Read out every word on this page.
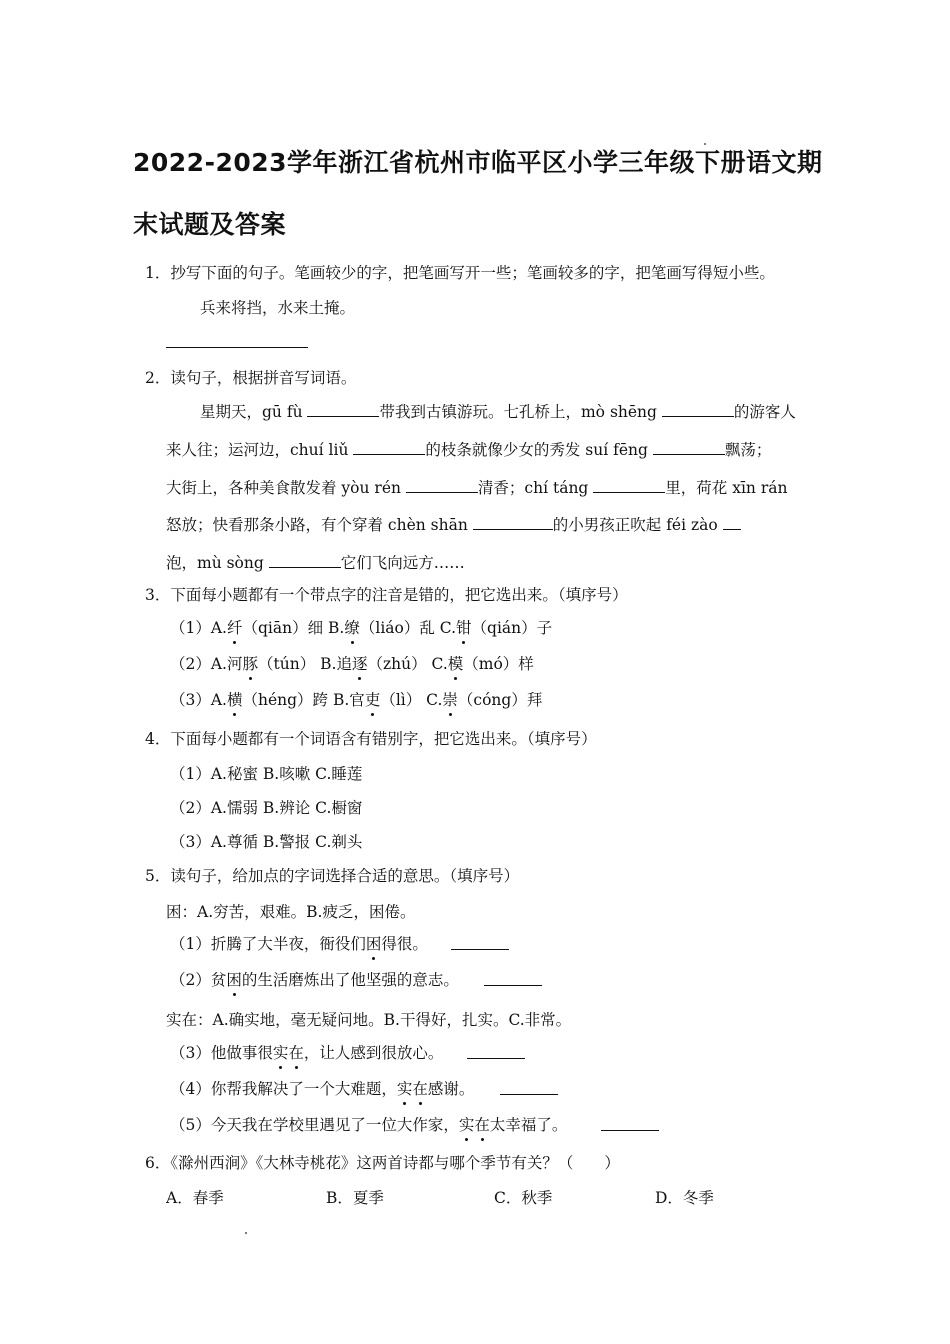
2022-2023学年浙江省杭州市临平区小学三年级下册语文期
末试题及答案
1．抄写下面的句子。笔画较少的字，把笔画写开一些；笔画较多的字，把笔画写得短小些。
兵来将挡，水来土掩。
2．读句子，根据拼音写词语。
星期天，gū fù	带我到古镇游玩。七孔桥上，mò shēng	的游客人
来人往；运河边，chuí liǔ	的枝条就像少女的秀发 suí fēng	飘荡；
大街上，各种美食散发着 yòu rén	清香；chí táng	里，荷花 xīn rán
怒放；快看那条小路，有个穿着 chèn shān	的小男孩正吹起 féi zào
泡，mù sòng	它们飞向远方……
3．下面每小题都有一个带点字的注音是错的，把它选出来。（填序号）
（1）A.纤（qiān）细 B.缭（liáo）乱 C.钳（qián）子
（2）A.河豚（tún） B.追逐（zhú） C.模（mó）样
（3）A.横（héng）跨 B.官吏（lì） C.崇（cóng）拜
4．下面每小题都有一个词语含有错别字，把它选出来。（填序号）
（1）A.秘蜜 B.咳嗽 C.睡莲
（2）A.懦弱 B.辨论 C.橱窗
（3）A.尊循 B.警报 C.剃头
5．读句子，给加点的字词选择合适的意思。（填序号）
困：A.穷苦，艰难。B.疲乏，困倦。
（1）折腾了大半夜，衙役们困得很。
（2）贫困的生活磨炼出了他坚强的意志。
实在：A.确实地，毫无疑问地。B.干得好，扎实。C.非常。
（3）他做事很实在，让人感到很放心。
（4）你帮我解决了一个大难题，实在感谢。
（5）今天我在学校里遇见了一位大作家，实在太幸福了。
6．《滁州西涧》《大林寺桃花》这两首诗都与哪个季节有关？（　　）
A．春季	B．夏季	C．秋季	D．冬季
